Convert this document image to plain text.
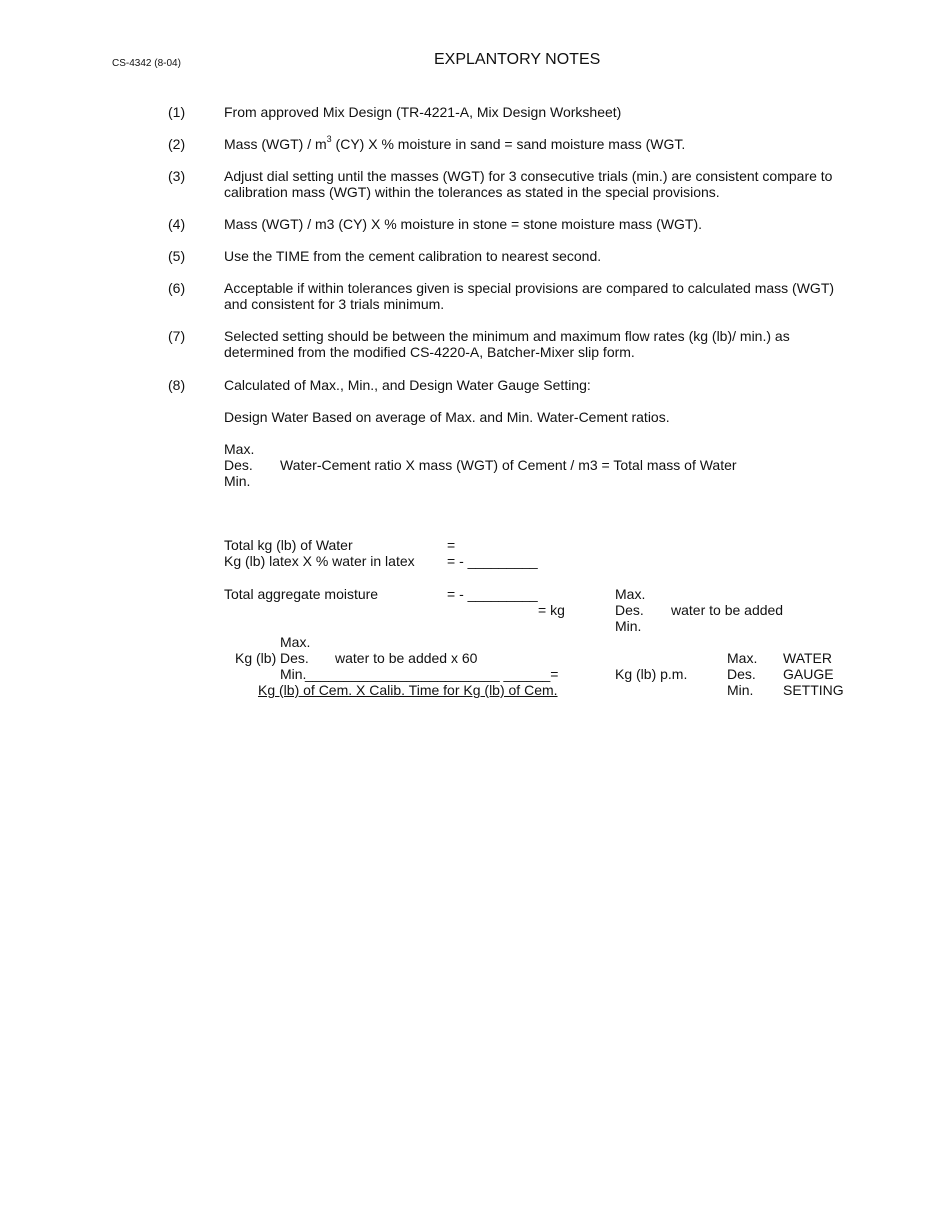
CS-4342 (8-04)	EXPLANTORY NOTES
(1)	From approved Mix Design (TR-4221-A, Mix Design Worksheet)
(2)	Mass $(WGT) / m^3$ (CY) X % moisture in sand = sand moisture mass (WGT.
(3)	Adjust dial setting until the masses (WGT) for 3 consecutive trials (min.) are consistent compare to
calibration mass (WGT) within the tolerances as stated in the special provisions.
(4)	Mass (WGT) / m3 (CY) X % moisture in stone = stone moisture mass (WGT).
(5)	Use the TIME from the cement calibration to nearest second.
(6)	Acceptable if within tolerances given is special provisions are compared to calculated mass (WGT)
and consistent for 3 trials minimum.
(7)	Selected setting should be between the minimum and maximum flow rates (kg (lb)/ min.) as
determined from the modified CS-4220-A, Batcher-Mixer slip form.
(8)	Calculated of Max., Min., and Design Water Gauge Setting:
Design Water Based on average of Max. and Min. Water-Cement ratios.
Max.
Des. Water-Cement ratio X mass (WGT) of Cement / m3 = Total mass of Water
Min.
Total kg (lb) of Water	=
Kg (lb) latex X % water in latex = - _________
Total aggregate moisture	= - _________	Max.
= kg	Des. water to be added
Min.
Max.
Kg (lb) Des. water to be added x 60
Min.
_________________________ ______=
Kg (lb) of Cem. X Calib. Time for Kg (lb) of Cem.
Kg (lb) p.m.
Max.
Des.
Min.
WATER
GAUGE
SETTING
